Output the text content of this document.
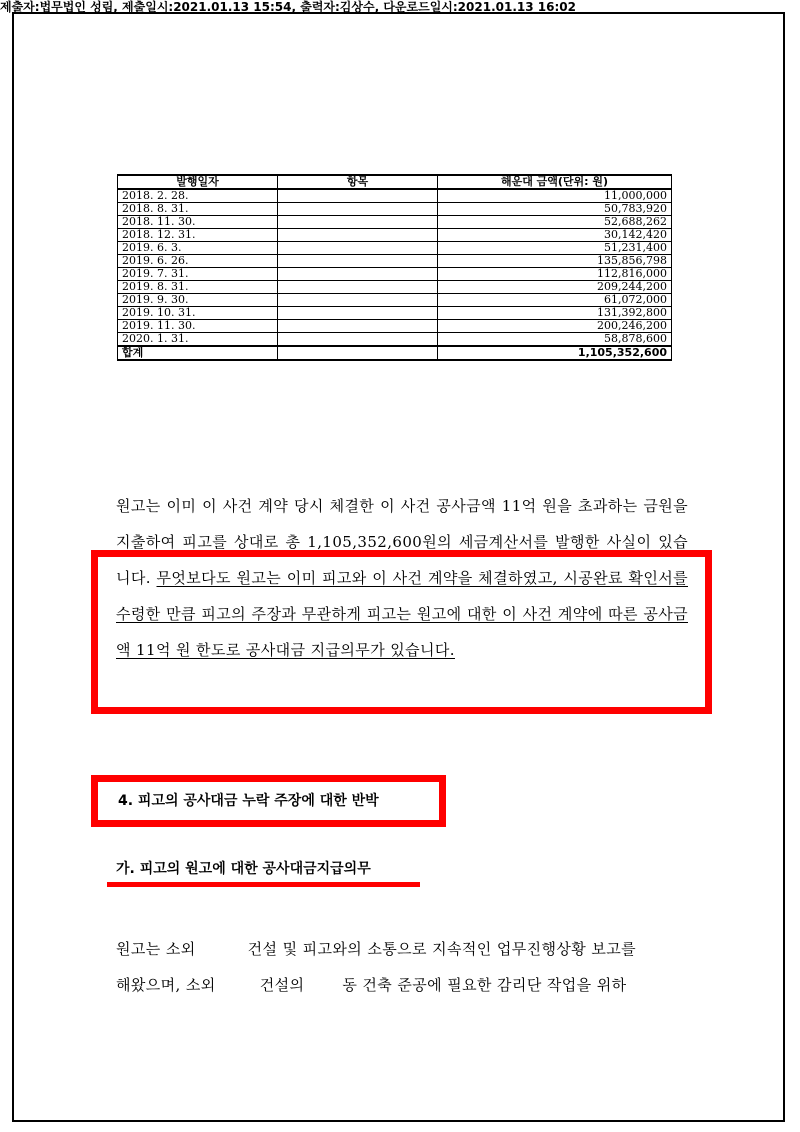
제출자:법무법인 성림, 제출일시:2021.01.13 15:54, 출력자:김상수, 다운로드일시:2021.01.13 16:02
발행일자	항목	해운대 금액(단위: 원)
2018. 2. 28.		11,000,000
2018. 8. 31.		50,783,920
2018. 11. 30.		52,688,262
2018. 12. 31.		30,142,420
2019. 6. 3.		51,231,400
2019. 6. 26.		135,856,798
2019. 7. 31.		112,816,000
2019. 8. 31.		209,244,200
2019. 9. 30.		61,072,000
2019. 10. 31.		131,392,800
2019. 11. 30.		200,246,200
2020. 1. 31.		58,878,600
합계		1,105,352,600
원고는 이미 이 사건 계약 당시 체결한 이 사건 공사금액 11억 원을 초과하는 금원을 지출하여 피고를 상대로 총 1,105,352,600원의 세금계산서를 발행한 사실이 있습니다. 무엇보다도 원고는 이미 피고와 이 사건 계약을 체결하였고, 시공완료 확인서를 수령한 만큼 피고의 주장과 무관하게 피고는 원고에 대한 이 사건 계약에 따른 공사금액 11억 원 한도로 공사대금 지급의무가 있습니다.
4. 피고의 공사대금 누락 주장에 대한 반박
가. 피고의 원고에 대한 공사대금지급의무
원고는 소외	건설 및 피고와의 소통으로 지속적인 업무진행상황 보고를
해왔으며, 소외	건설의	동 건축 준공에 필요한 감리단 작업을 위하
